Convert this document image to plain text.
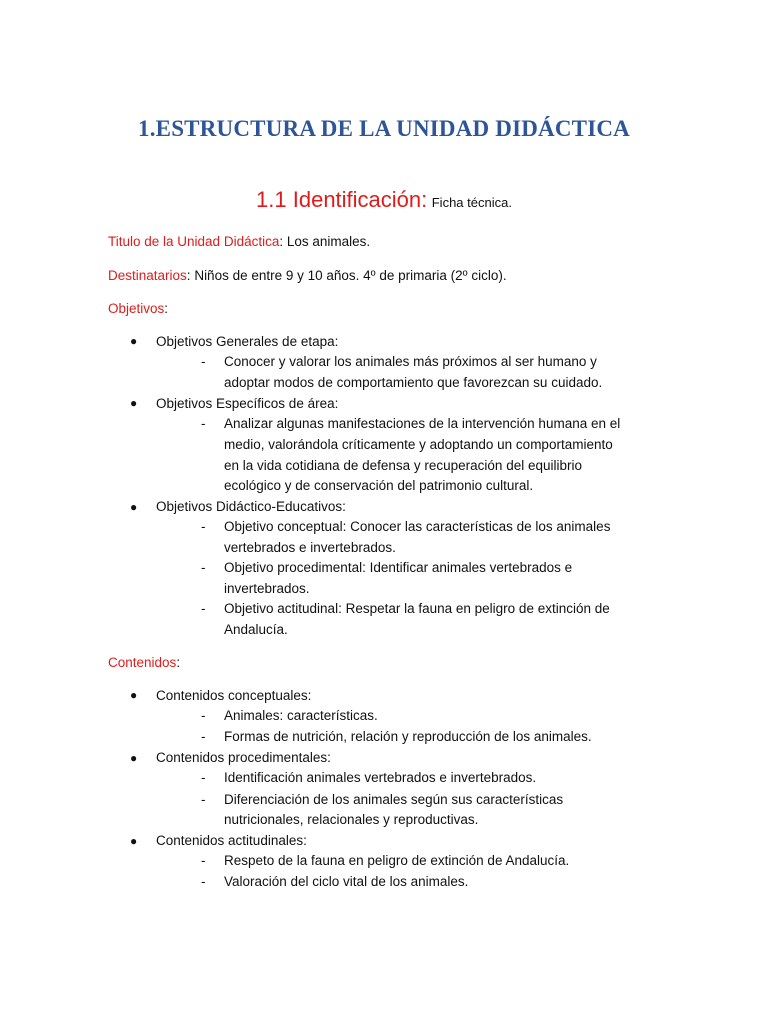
1.ESTRUCTURA DE LA UNIDAD DIDÁCTICA
1.1 Identificación: Ficha técnica.
Titulo de la Unidad Didáctica: Los animales.
Destinatarios: Niños de entre 9 y 10 años. 4º de primaria (2º ciclo).
Objetivos:
● Objetivos Generales de etapa:
- Conocer y valorar los animales más próximos al ser humano y
adoptar modos de comportamiento que favorezcan su cuidado.
● Objetivos Específicos de área:
- Analizar algunas manifestaciones de la intervención humana en el
medio, valorándola críticamente y adoptando un comportamiento
en la vida cotidiana de defensa y recuperación del equilibrio
ecológico y de conservación del patrimonio cultural.
● Objetivos Didáctico-Educativos:
- Objetivo conceptual: Conocer las características de los animales
vertebrados e invertebrados.
- Objetivo procedimental: Identificar animales vertebrados e
invertebrados.
- Objetivo actitudinal: Respetar la fauna en peligro de extinción de
Andalucía.
Contenidos:
● Contenidos conceptuales:
- Animales: características.
- Formas de nutrición, relación y reproducción de los animales.
● Contenidos procedimentales:
- Identificación animales vertebrados e invertebrados.
- Diferenciación de los animales según sus características
nutricionales, relacionales y reproductivas.
● Contenidos actitudinales:
- Respeto de la fauna en peligro de extinción de Andalucía.
- Valoración del ciclo vital de los animales.
